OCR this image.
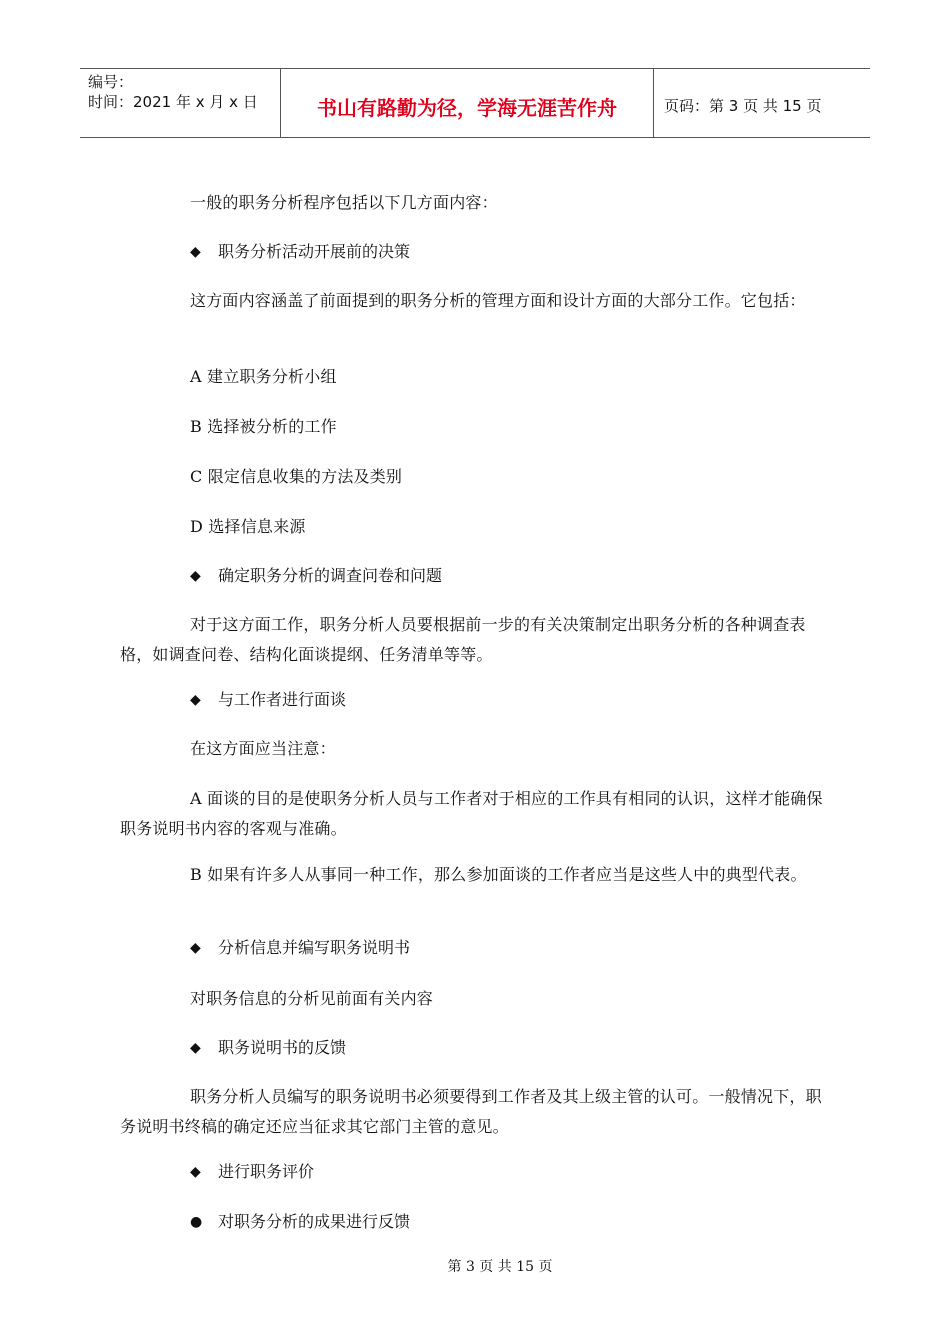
编号：
时间：2021 年 x 月 x 日	书山有路勤为径，学海无涯苦作舟	页码：第 3 页 共 15 页
一般的职务分析程序包括以下几方面内容：
◆	职务分析活动开展前的决策
这方面内容涵盖了前面提到的职务分析的管理方面和设计方面的大部分工作。它包括：
A 建立职务分析小组
B 选择被分析的工作
C 限定信息收集的方法及类别
D 选择信息来源
◆	确定职务分析的调查问卷和问题
对于这方面工作，职务分析人员要根据前一步的有关决策制定出职务分析的各种调查表格，如调查问卷、结构化面谈提纲、任务清单等等。
◆	与工作者进行面谈
在这方面应当注意：
A 面谈的目的是使职务分析人员与工作者对于相应的工作具有相同的认识，这样才能确保职务说明书内容的客观与准确。
B 如果有许多人从事同一种工作，那么参加面谈的工作者应当是这些人中的典型代表。
◆	分析信息并编写职务说明书
对职务信息的分析见前面有关内容
◆	职务说明书的反馈
职务分析人员编写的职务说明书必须要得到工作者及其上级主管的认可。一般情况下，职务说明书终稿的确定还应当征求其它部门主管的意见。
◆	进行职务评价
● 对职务分析的成果进行反馈
第 3 页 共 15 页
